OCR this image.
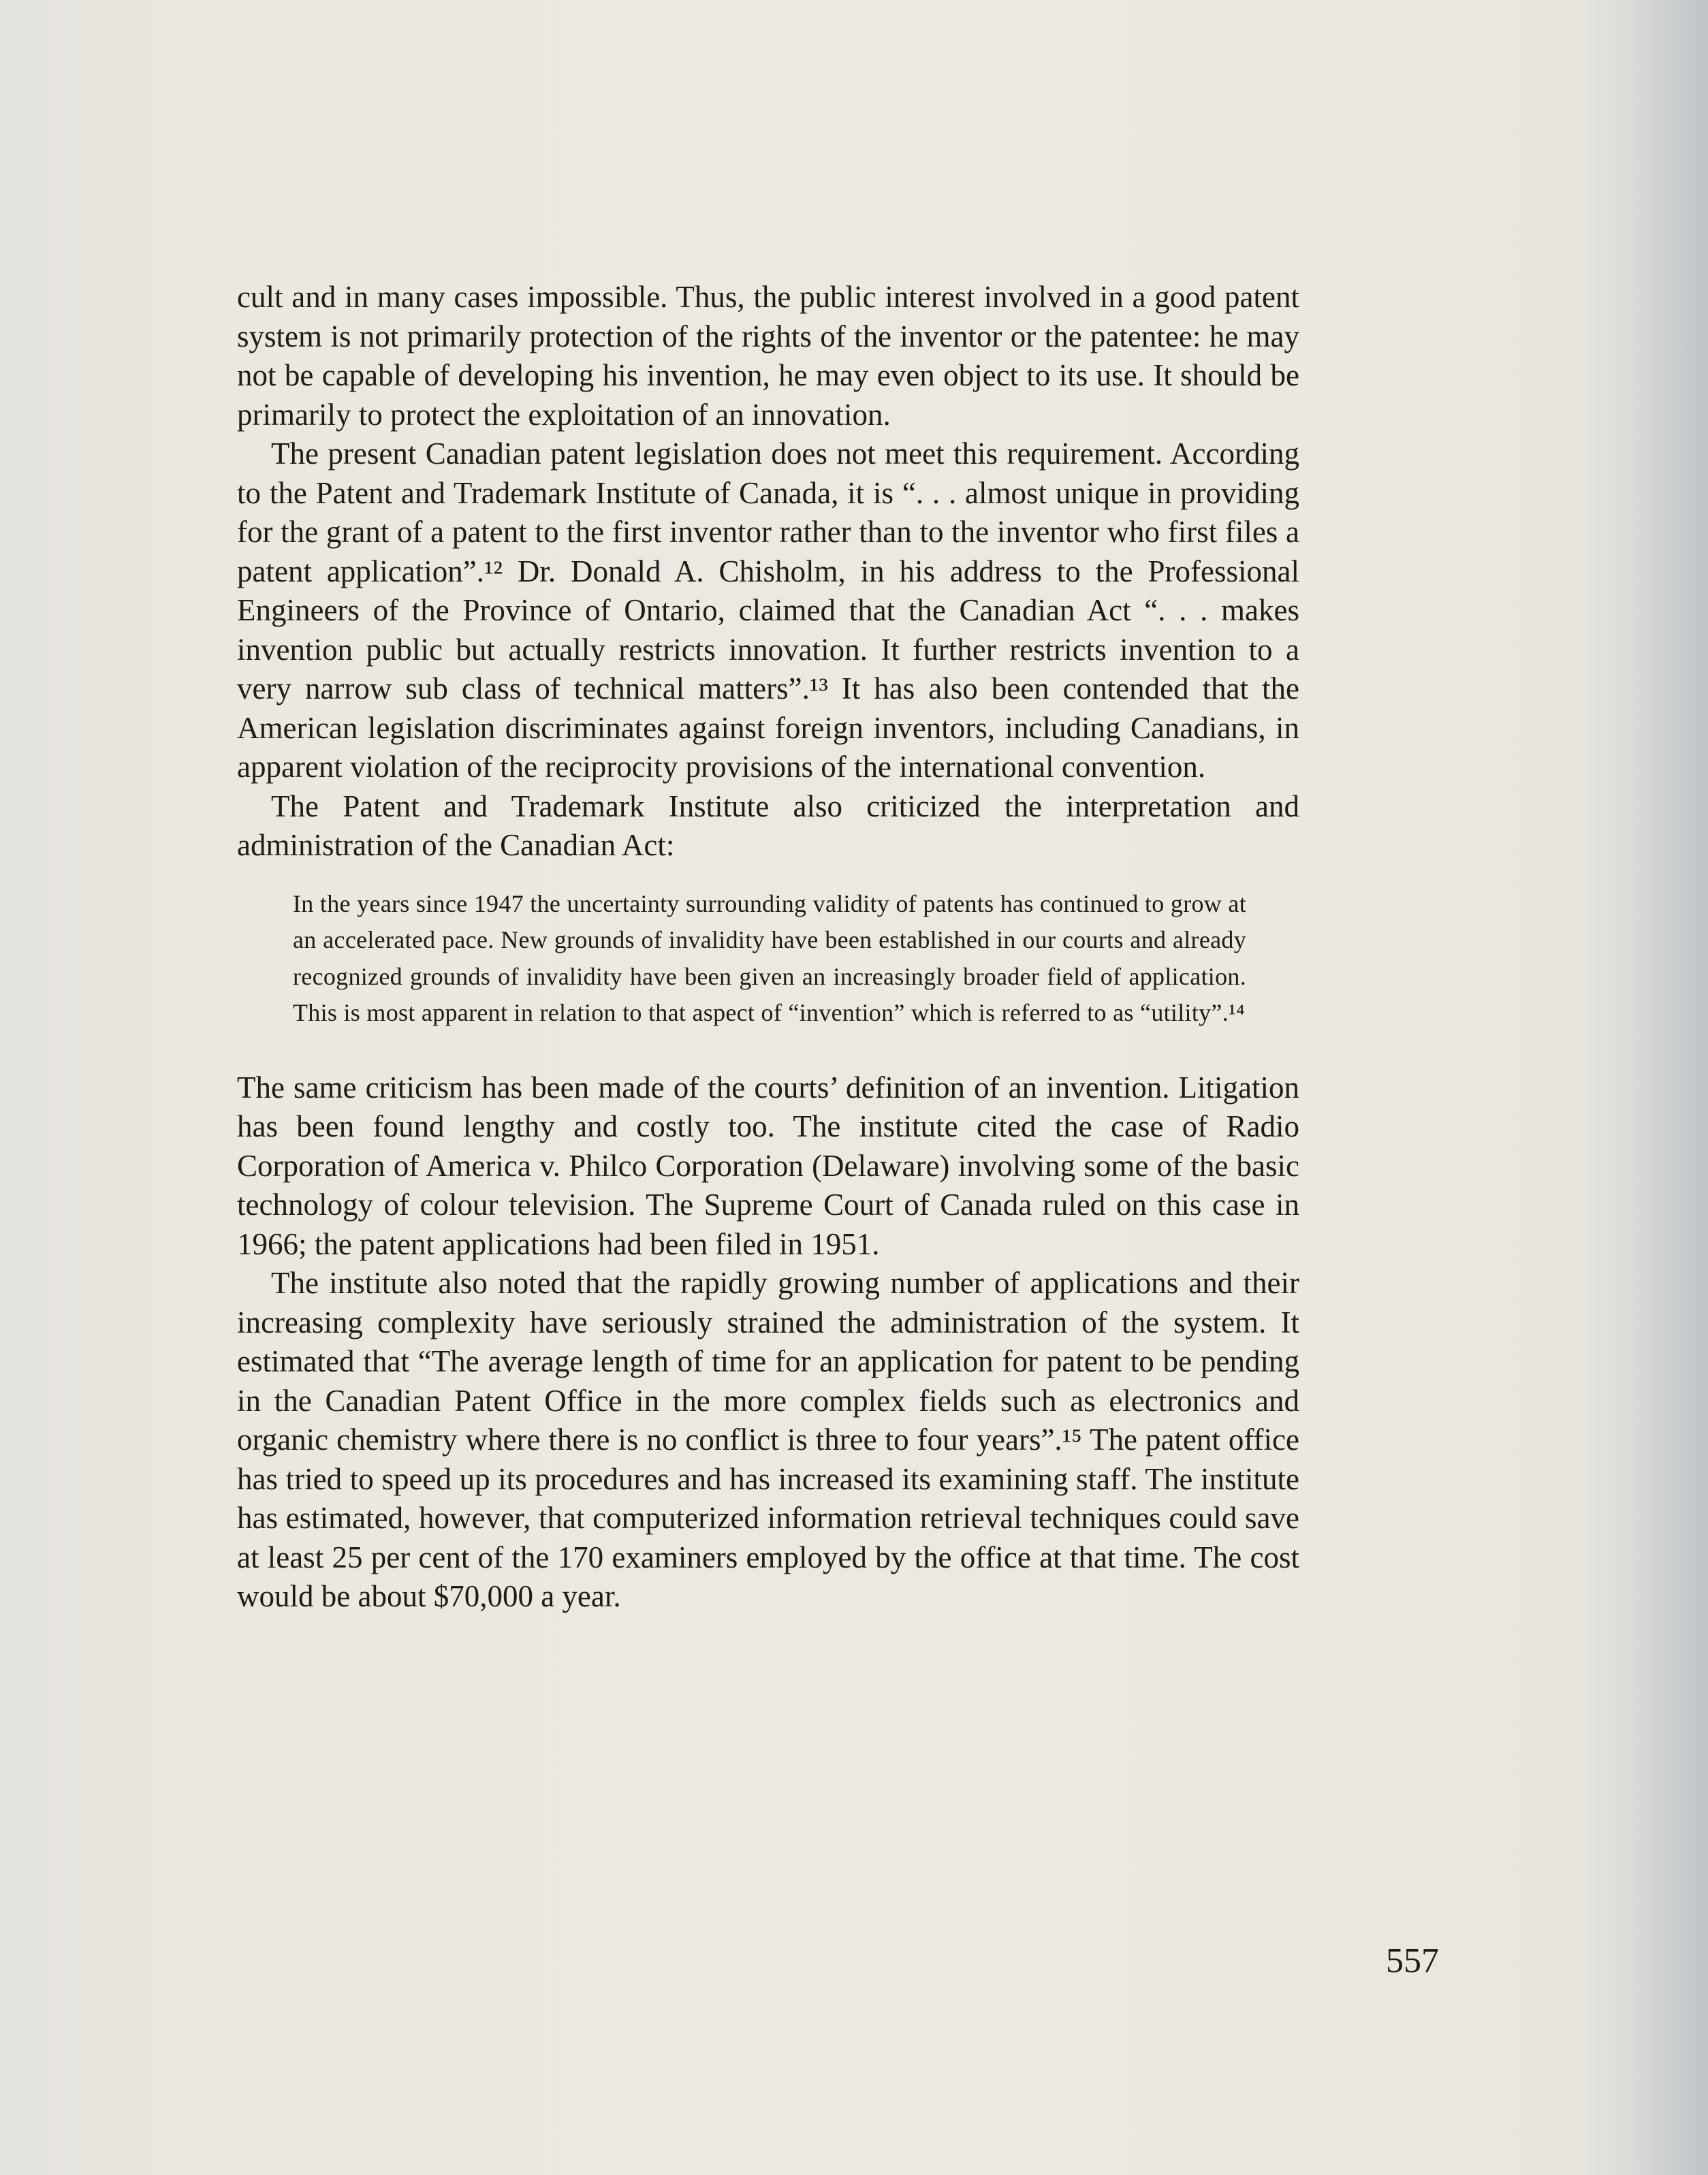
cult and in many cases impossible. Thus, the public interest involved in a good patent system is not primarily protection of the rights of the inventor or the patentee: he may not be capable of developing his invention, he may even object to its use. It should be primarily to protect the exploitation of an innovation.

The present Canadian patent legislation does not meet this requirement. According to the Patent and Trademark Institute of Canada, it is “. . . almost unique in providing for the grant of a patent to the first inventor rather than to the inventor who first files a patent application”.¹² Dr. Donald A. Chisholm, in his address to the Professional Engineers of the Province of Ontario, claimed that the Canadian Act “. . . makes invention public but actually restricts innovation. It further restricts invention to a very narrow sub class of technical matters”.¹³ It has also been contended that the American legislation discriminates against foreign inventors, including Canadians, in apparent violation of the reciprocity provisions of the international convention.

The Patent and Trademark Institute also criticized the interpretation and administration of the Canadian Act:

In the years since 1947 the uncertainty surrounding validity of patents has continued to grow at an accelerated pace. New grounds of invalidity have been established in our courts and already recognized grounds of invalidity have been given an increasingly broader field of application. This is most apparent in relation to that aspect of “invention” which is referred to as “utility”.¹⁴

The same criticism has been made of the courts’ definition of an invention. Litigation has been found lengthy and costly too. The institute cited the case of Radio Corporation of America v. Philco Corporation (Delaware) involving some of the basic technology of colour television. The Supreme Court of Canada ruled on this case in 1966; the patent applications had been filed in 1951.

The institute also noted that the rapidly growing number of applications and their increasing complexity have seriously strained the administration of the system. It estimated that “The average length of time for an application for patent to be pending in the Canadian Patent Office in the more complex fields such as electronics and organic chemistry where there is no conflict is three to four years”.¹⁵ The patent office has tried to speed up its procedures and has increased its examining staff. The institute has estimated, however, that computerized information retrieval techniques could save at least 25 per cent of the 170 examiners employed by the office at that time. The cost would be about $70,000 a year.

557
